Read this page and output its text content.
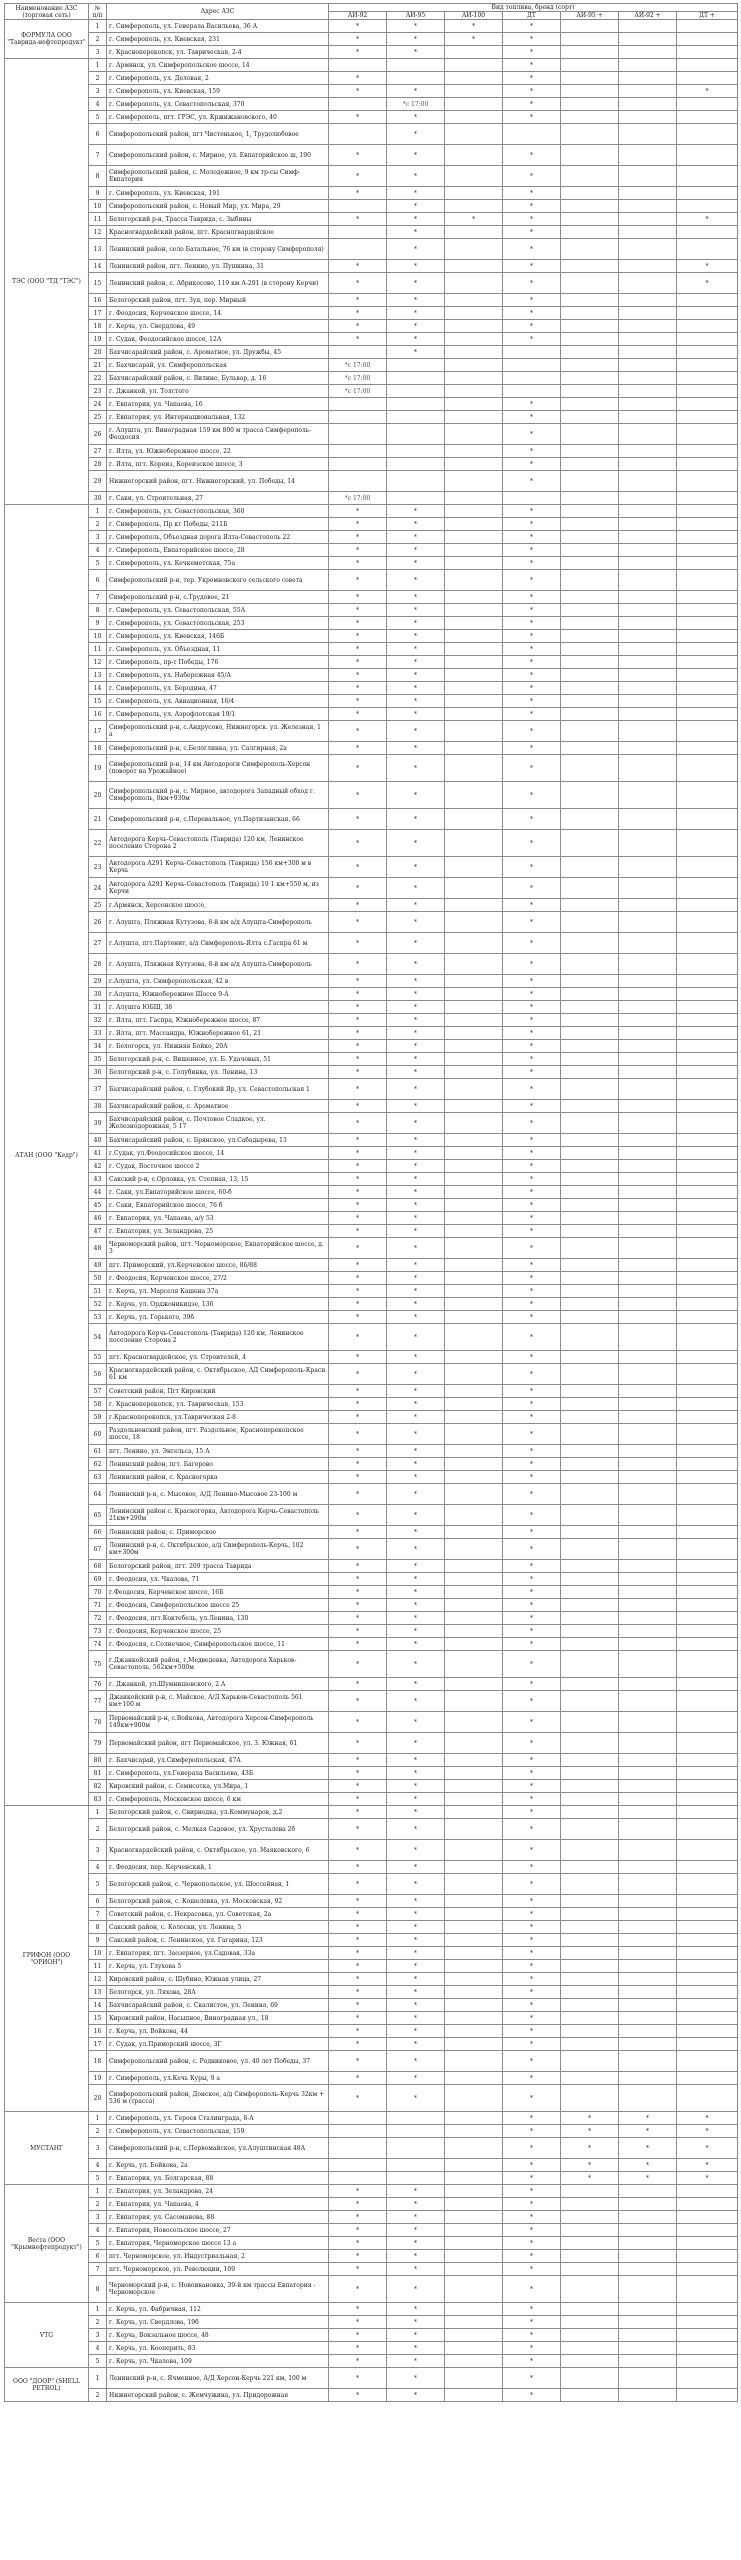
Наименование АЗС (торговая сеть)	№ п/п	Адрес АЗС	Вид топлива, бренд (сорт)						
			АИ-92	АИ-95	АИ-100	ДТ	АИ-95 +	АИ-92 +	ДТ +
ФОРМУЛА ООО "Таврида-нефтепродукт"	1	г. Симферополь, ул. Генерала Васильева, 36 А	*	*	*	*			
	2	г. Симферополь, ул. Киевская, 231	*	*	*	*			
	3	г. Красноперекопск, ул. Таврическая, 2-4	*	*		*			
ТЭС (ООО "ТД "ТЭС")	1	г. Армянск, ул. Симферопольское шоссе, 14				*			
	2	г. Симферополь, ул. Деловая, 2	*			*			
	3	г. Симферополь, ул. Киевская, 159	*	*		*			*
	4	г. Симферополь, ул. Севастопольская, 370		*с 17:00		*			
	5	г. Симферополь, пгт. ГРЭС, ул. Кржижановского, 40	*	*		*			
	6	Симферопольский район, пгт Чистенькое, 1, Трудолюбовое		*					
	7	Симферопольский район, с. Мирное, ул. Евпаторийское ш, 190	*	*		*			
	8	Симферопольский район, с. Молодежное, 9 км тр-сы Симф-Евпатория	*	*		*			
	9	г. Симферополь, ул. Киевская, 191	*	*		*			
	10	Симферопольский район, с. Новый Мир, ул. Мира, 29		*		*			
	11	Белогорский р-н, Трасса Таврида, с. Зыбины	*	*	*	*			*
	12	Красногвардейский район, пгт. Красногвардейское		*		*			
	13	Ленинский район, село Батальное, 76 км (в сторону Симферополя)		*		*			
	14	Ленинский район, пгт. Ленино, ул. Пушкина, 31	*	*		*			*
	15	Ленинский район, с. Абрикосово, 119 км А-291 (в сторону Керчи)	*	*		*			*
	16	Белогорский район, пгт. Зуя, пер. Мирный	*	*		*			
	17	г. Феодосия, Керченское шоссе, 14	*	*		*			
	18	г. Керчь, ул. Свердлова, 49	*	*		*			
	19	г. Судак, Феодосийское шоссе, 12А	*	*		*			
	20	Бахчисарайский район, с. Ароматное, ул. Дружбы, 45		*					
	21	г. Бахчисарай, ул. Симферопольская	*с 17:00						
	22	Бахчисарайский район, с. Вилино, Бульвар, д. 16	*с 17:00						
	23	г. Джанкой, ул. Толстого	*с 17:00						
	24	г. Евпатория, ул. Чапаева, 16				*			
	25	г. Евпатория, ул. Интернациональная, 132				*			
	26	г. Алушта, ул. Виноградная 159 км 800 м трасса Симферополь-Феодосия				*			
	27	г. Ялта, ул. Южнобережное шоссе, 22				*			
	28	г. Ялта, пгт. Кореиз, Кореизское шоссе, 3				*			
	29	Нижнегорский район, пгт. Нижнегорский, ул. Победы, 14				*			
	30	г. Саки, ул. Строительная, 27	*с 17:00						
АТАН (ООО "Кедр")	1	г. Симферополь, ул. Севастопольская, 360	*	*		*			
	2	г. Симферополь, Пр кт Победы, 211Б	*	*		*			
	3	г. Симферополь, Объездная дорога Ялта-Севастополь 22	*	*		*			
	4	г. Симферополь, Евпаторийское шоссе, 28	*	*		*			
	5	г. Симферополь, ул. Кечкеметская, 75а	*	*		*			
	6	Симферопольский р-н, тер. Укромновского сельского совета	*	*		*			
	7	Симферопольский р-н, с.Трудовое, 21	*	*		*			
	8	г. Симферополь, ул. Севастопольская, 55А	*	*		*			
	9	г. Симферополь, ул. Севастопольская, 253	*	*		*			
	10	г. Симферополь, ул. Киевская, 146Б	*	*		*			
	11	г. Симферополь, ул. Объездная, 11	*	*		*			
	12	г. Симферополь, пр-т Победы, 176	*	*		*			
	13	г. Симферополь, ул. Набережная 45/А	*	*		*			
	14	г. Симферополь, ул. Бородина, 47	*	*		*			
	15	г. Симферополь, ул. Авиационная, 16/4	*	*		*			
	16	г. Симферополь, ул. Аэрофлотская 19/1	*	*		*			
	17	Симферопольский р-н, с.Андрусово, Нижнегорск. ул. Железная, 1 а	*	*		*			
	18	Симферопольский р-н, с.Белоглинка, ул. Салгирная, 2а	*	*		*			
	19	Симферопольский р-н, 14 км Автодороги Симферополь-Херсон (поворот на Урожайное)	*	*		*			
	20	Симферопольский р-н, с. Мирное, автодорога Западный обход г. Симферополь, 0км+930м	*	*		*			
	21	Симферопольский р-н, с.Перевальное, ул.Партизанская, 66	*	*		*			
	22	Автодорога Керчь-Севастополь (Таврида) 120 км, Ленинское поселение Сторона 2	*	*		*			
	23	Автодорога А291 Керчь-Севастополь (Таврида) 156 км+300 м в Керчь	*	*		*			
	24	Автодорога А291 Керчь-Севастополь (Таврида) 19 1 км+550 м, из Керчи	*	*		*			
	25	г.Армянск, Херсонское шоссе,	*	*		*			
	26	г. Алушта, Пляжная Кутузова, 8-й км а/д Алушта-Симферополь	*	*		*			
	27	г.Алушта, пгт.Партенит, а/д Симферополь-Ялта с.Гаспра 61 м	*	*		*			
	28	г. Алушта, Пляжная Кутузова, 8-й км а/д Алушта-Симферополь	*	*		*			
	29	г.Алушта, ул. Симферопольская, 42 в	*	*		*			
	30	г.Алушта, Южнобережное Шоссе 9-А	*	*		*			
	31	г. Алушта ЮБШ, 38	*	*		*			
	32	г. Ялта, пгт. Гаспра, Южнобережное шоссе, 87	*	*		*			
	33	г. Ялта, пгт. Массандра, Южнобережное 61, 21	*	*		*			
	34	г. Белогорск, ул. Нижняя Бойко, 20А	*	*		*			
	35	Белогорский р-н, с. Вишенное, ул. Б. Удачовых, 51	*	*		*			
	36	Белогорский р-н, с. Голубинка, ул. Ленина, 13	*	*		*			
	37	Бахчисарайский район, с. Глубокий Яр, ул. Севастопольская 1	*	*		*			
	38	Бахчисарайский район, с. Ароматное	*	*		*			
	39	Бахчисарайский район, с. Почтовое Сладкое, ул. Железнодорожная, 5 17	*	*		*			
	40	Бахчисарайский район, с. Брянское, ул.Сабадырева, 13	*	*		*			
	41	г.Судак, ул.Феодосийское шоссе, 14	*	*		*			
	42	г. Судак, Восточное шоссе 2	*	*		*			
	43	Сакский р-н, с.Орловка, ул. Степная, 13, 15	*	*		*			
	44	г. Саки, ул.Евпаторийское шоссе, 60-б	*	*		*			
	45	г. Саки, Евпаторийское шоссе, 76 б	*	*		*			
	46	г. Евпатория, ул. Чапаева, а/у 53	*	*		*			
	47	г. Евпатория, ул. Зеландрова, 25	*	*		*			
	48	Черноморский район, пгт. Черноморское, Евпаторийское шоссе, д. 3	*	*		*			
	49	пгт. Приморский, ул.Керченское шоссе, 86/88	*	*		*			
	50	г. Феодосия, Керченское шоссе, 27/2	*	*		*			
	51	г. Керчь, ул. Марселя Кашена 37а	*	*		*			
	52	г. Керчь, ул. Орджоникидзе, 136	*	*		*			
	53	г. Керчь, ул. Горького, 39б	*	*		*			
	54	Автодорога Керчь-Севастополь (Таврида) 120 км, Ленинское поселение Сторона 2	*	*		*			
	55	пгт. Красногвардейское, ул. Строителей, 4	*	*		*			
	56	Красногвардейский район, с. Октябрьское, АД Симферополь-Красн 61 км	*	*		*			
	57	Советский район, Пгт Кировский	*	*		*			
	58	г. Красноперекопск, ул. Таврическая, 153	*	*		*			
	59	г.Красноперекопск, ул.Таврическая 2-8	*	*		*			
	60	Раздольненский район, пгт. Раздольное, Красноперекопское шоссе, 18	*	*		*			
	61	пгт. Ленино, ул. Энгельса, 15 А	*	*		*			
	62	Ленинский район, пгт. Багерово	*	*		*			
	63	Ленинский район, с. Красногорка	*	*		*			
	64	Ленинский р-н, с. Мысовое, А/Д Ленино-Мысовое 23-100 м	*	*		*			
	65	Ленинский район с. Красногорка, Автодорога Керчь-Севастополь 21км+290м	*	*		*			
	66	Ленинский район, с. Приморское	*	*		*			
	67	Ленинский р-н, с. Октябрьское, а/д Симферополь-Керчь, 102 км+300м	*	*		*			
	68	Белогорский район, пгт. 209 трасса Таврида	*	*		*			
	69	г. Феодосия, ул. Чкалова, 71	*	*		*			
	70	г.Феодосия, Керченское шоссе, 16Б	*	*		*			
	71	г. Феодосия, Симферопольское шоссе 25	*	*		*			
	72	г. Феодосия, пгт.Коктебель, ул.Ленина, 130	*	*		*			
	73	г. Феодосия, Керченское шоссе, 25	*	*		*			
	74	г. Феодосия, с.Солнечное, Симферопольское шоссе, 11	*	*		*			
	75	г.Джанкойский район, г.Медведевка, Автодорога Харьков-Севастополь, 562км+500м	*	*		*			
	76	г. Джанкой, ул.Шумнишевского, 2 А	*	*		*			
	77	Джанкойский р-н, с. Майское, А/Д Харьков-Севастополь 561 км+100 м	*	*		*			
	78	Первомайский р-н, с.Войкова, Автодорога Херсон-Симферополь 149км+900м	*	*		*			
	79	Первомайский район, пгт Первомайское, ул. 3. Южная, 61	*	*		*			
	80	г. Бахчисарай, ул.Симферопольская, 47А	*	*		*			
	81	г. Симферополь, ул.Генерала Васильева, 43Б	*	*		*			
	82	Кировский район, с. Семисотка, ул.Мира, 1	*	*		*			
	83	г. Симферополь, Московское шоссе, 6 км	*	*		*			
ГРИФОН (ООО "ОРИОН")	1	Белогорский район, с. Свирнодка, ул.Коммунаров, д.2	*	*		*			
	2	Белогорский район, с. Мелкая Садовое, ул. Хрусталева 2б	*	*		*			
	3	Красногвардейский район, с. Октябрьское, ул. Маяковского, 6	*	*		*			
	4	г. Феодосия, пер. Керченский, 1	*	*		*			
	5	Белогорский район, с. Чернопольское, ул. Шоссейная, 1	*	*		*			
	6	Белогорский район, с. Кошелевка, ул. Московская, 92	*	*		*			
	7	Советский район, с. Некрасовка, ул. Советская, 2а	*	*		*			
	8	Сакский район, с. Колоски, ул. Ленина, 5	*	*		*			
	9	Сакский район, с. Ленинское, ул. Гагарина, 123	*	*		*			
	10	г. Евпатория, пгт. Заозерное, ул.Садовая, 33а	*	*		*			
	11	г. Керчь, ул. Глухова 5	*	*		*			
	12	Кировский район, с. Шубино, Южная улица, 27	*	*		*			
	13	Белогорск, ул. Ляхова, 28А	*	*		*			
	14	Бахчисарайский район, с. Скалистое, ул. Ленина, 69	*	*		*			
	15	Кировский район, Насыпное, Виноградная ул., 18	*	*		*			
	16	г. Керчь, ул. Войкова, 44	*	*		*			
	17	г. Судак, ул.Приморский шоссе, 3Г	*	*		*			
	18	Симферопольский район, с. Родниковое, ул. 40 лет Победы, 37	*	*		*			
	19	г. Симферополь, ул.Кечь Куры, 9 а	*	*		*			
	20	Симферопольский район, Донское, а/д Симферополь-Керчь 32км + 536 м (трасса)	*	*		*			
МУСТАНГ	1	г. Симферополь, ул. Героев Сталинграда, 8-А				*	*	*	*
	2	г. Симферополь, ул. Севастопольская, 159				*	*	*	*
	3	Симферопольский р-н, с.Первомайское, ул.Алуштинская 48А				*	*	*	*
	4	г. Керчь, ул. Бойкова, 2а				*	*	*	*
	5	г. Евпатория, ул. Болгарская, 88				*	*	*	*
Веста (ООО "Крымнефтепродукт")	1	г. Евпатория, ул. Зеландрова, 24	*	*		*			
	2	г. Евпатория, ул. Чапаева, 4	*	*		*			
	3	г. Евпатория, ул. Сасоманова, 88	*	*		*			
	4	г. Евпатория, Новосельское шоссе, 27	*	*		*			
	5	г. Евпатория, Черноморское шоссе 13 а	*	*		*			
	6	пгт. Черноморское, ул. Индустриальная, 2	*	*		*			
	7	пгт. Черноморское, ул. Революции, 109	*	*		*			
	8	Черноморский р-н, с. Новоивановка, 39-й км трассы Евпатория - Черноморское	*	*		*			
VTG	1	г. Керчь, ул. Фабричная, 112	*	*		*			
	2	г. Керчь, ул. Свердлова, 19б	*	*		*			
	3	г. Керчь, Вокзальное шоссе, 48	*	*		*			
	4	г. Керчь, ул. Кооперить, 83	*	*		*			
	5	г. Керчь, ул. Чкалова, 109	*	*		*			
ООО "ДООР" (SHELL PETROL)	1	Ленинский р-н, с. Ячменное, А/Д Херсон-Керчь 221 км, 100 м	*	*		*			
	2	Нижнегорский район, с. Жемчужина, ул. Придорожная	*	*		*			
